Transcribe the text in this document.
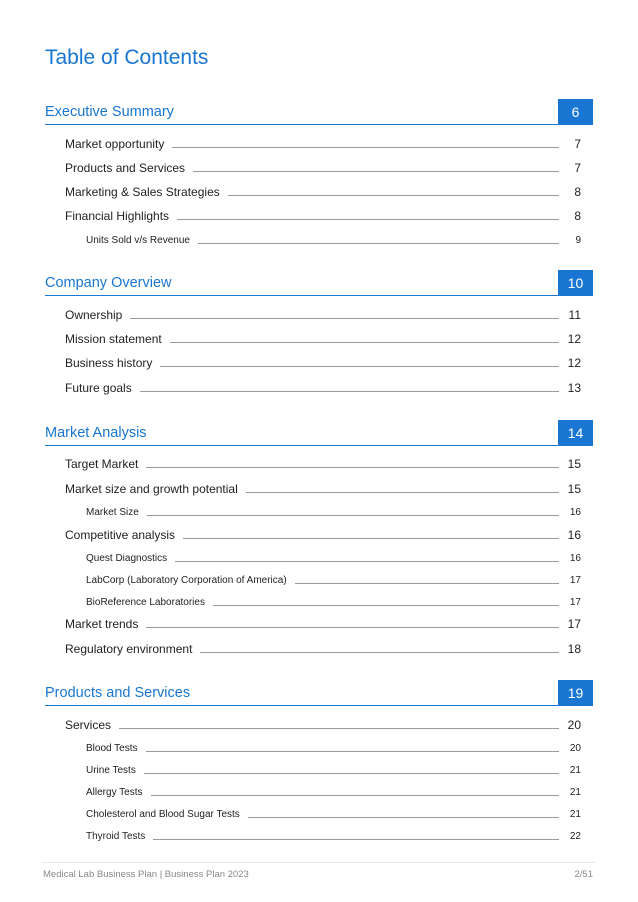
Table of Contents
Executive Summary	6
Market opportunity	7
Products and Services	7
Marketing & Sales Strategies	8
Financial Highlights	8
Units Sold v/s Revenue	9
Company Overview	10
Ownership	11
Mission statement	12
Business history	12
Future goals	13
Market Analysis	14
Target Market	15
Market size and growth potential	15
Market Size	16
Competitive analysis	16
Quest Diagnostics	16
LabCorp (Laboratory Corporation of America)	17
BioReference Laboratories	17
Market trends	17
Regulatory environment	18
Products and Services	19
Services	20
Blood Tests	20
Urine Tests	21
Allergy Tests	21
Cholesterol and Blood Sugar Tests	21
Thyroid Tests	22
Medical Lab Business Plan | Business Plan 2023	2/51
